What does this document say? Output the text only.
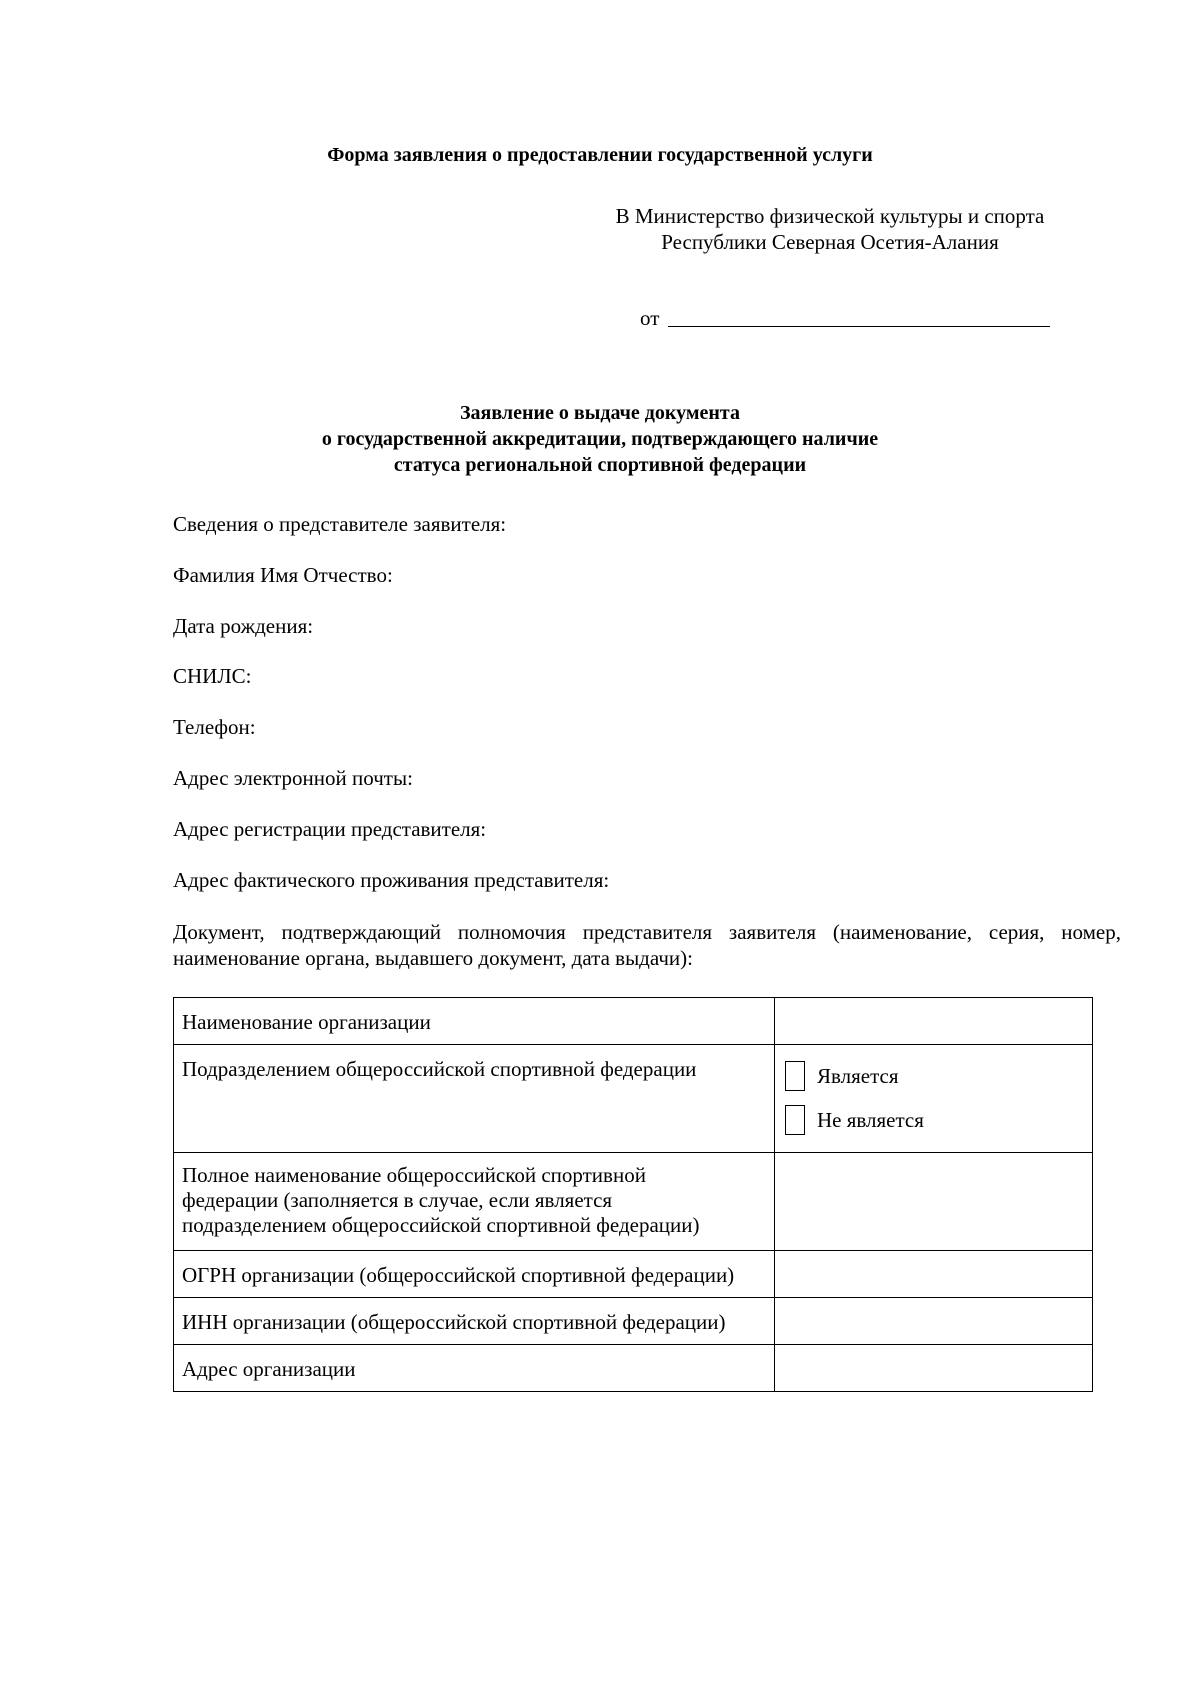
Форма заявления о предоставлении государственной услуги
В Министерство физической культуры и спорта
Республики Северная Осетия-Алания
от
Заявление о выдаче документа
о государственной аккредитации, подтверждающего наличие
статуса региональной спортивной федерации
Сведения о представителе заявителя:
Фамилия Имя Отчество:
Дата рождения:
СНИЛС:
Телефон:
Адрес электронной почты:
Адрес регистрации представителя:
Адрес фактического проживания представителя:
Документ, подтверждающий полномочия представителя заявителя (наименование, серия, номер,
наименование органа, выдавшего документ, дата выдачи):
Наименование организации	
Подразделением общероссийской спортивной федерации	Является
Не является

Полное наименование общероссийской спортивной
федерации (заполняется в случае, если является
подразделением общероссийской спортивной федерации)	

ОГРН организации (общероссийской спортивной федерации)	
ИНН организации (общероссийской спортивной федерации)	
Адрес организации	
